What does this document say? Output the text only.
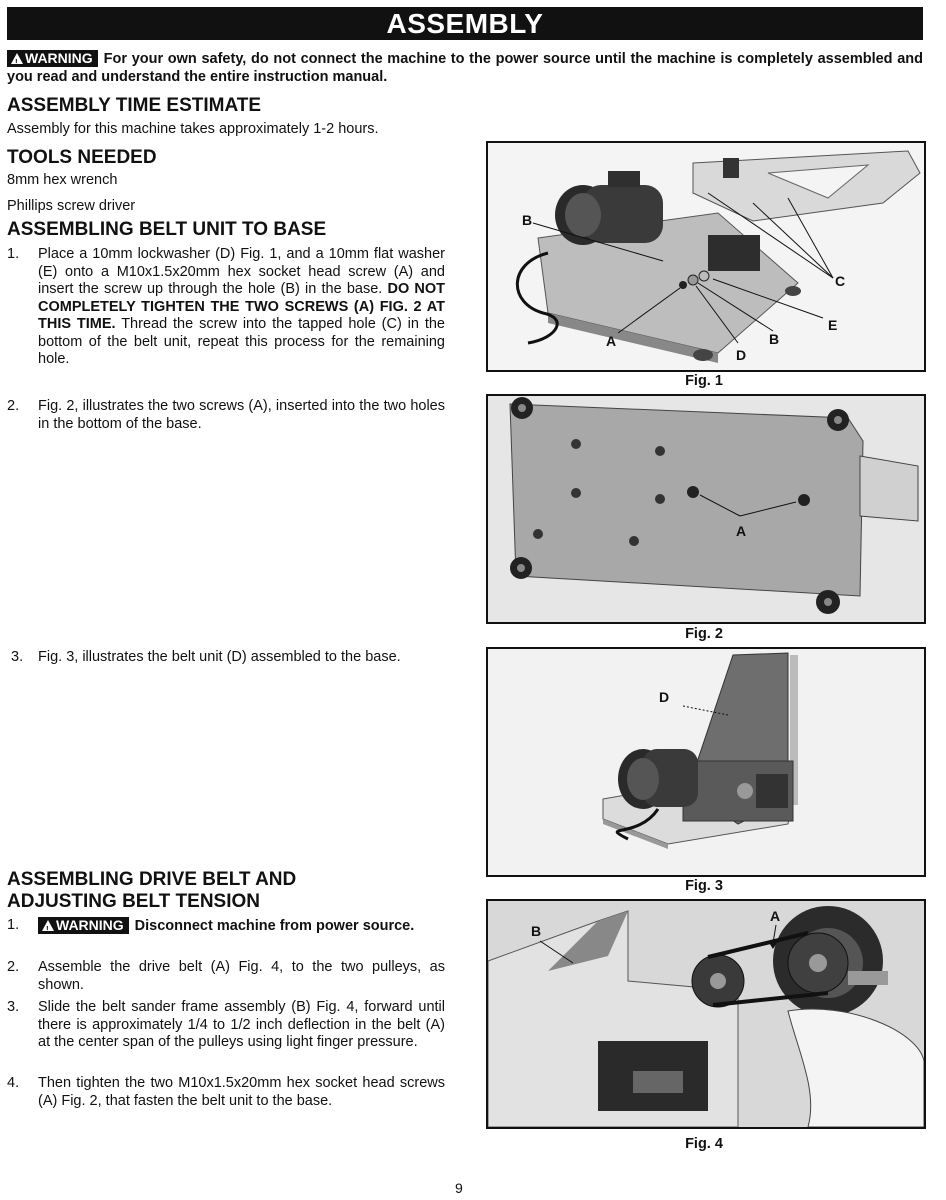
ASSEMBLY
!WARNING For your own safety, do not connect the machine to the power source until the machine is completely assembled and you read and understand the entire instruction manual.
ASSEMBLY TIME ESTIMATE
Assembly for this machine takes approximately 1-2 hours.
TOOLS NEEDED
8mm hex wrench
Phillips screw driver
ASSEMBLING BELT UNIT TO BASE
1. Place a 10mm lockwasher (D) Fig. 1, and a 10mm flat washer (E) onto a M10x1.5x20mm hex socket head screw (A) and insert the screw up through the hole (B) in the base. DO NOT COMPLETELY TIGHTEN THE TWO SCREWS (A) FIG. 2 AT THIS TIME. Thread the screw into the tapped hole (C) in the bottom of the belt unit, repeat this process for the remaining hole.
2. Fig. 2, illustrates the two screws (A), inserted into the two holes in the bottom of the base.
3. Fig. 3, illustrates the belt unit (D) assembled to the base.
ASSEMBLING DRIVE BELT AND
ADJUSTING BELT TENSION
1.
!	WARNING Disconnect machine from power source.
2. Assemble the drive belt (A) Fig. 4, to the two pulleys, as shown.
3. Slide the belt sander frame assembly (B) Fig. 4, forward until there is approximately 1/4 to 1/2 inch deflection in the belt (A) at the center span of the pulleys using light finger pressure.
4. Then tighten the two M10x1.5x20mm hex socket head screws (A) Fig. 2, that fasten the belt unit to the base.
B
C
A
D
E
B
Fig. 1
A
Fig. 2
D
Fig. 3
B
A
Fig. 4
9
